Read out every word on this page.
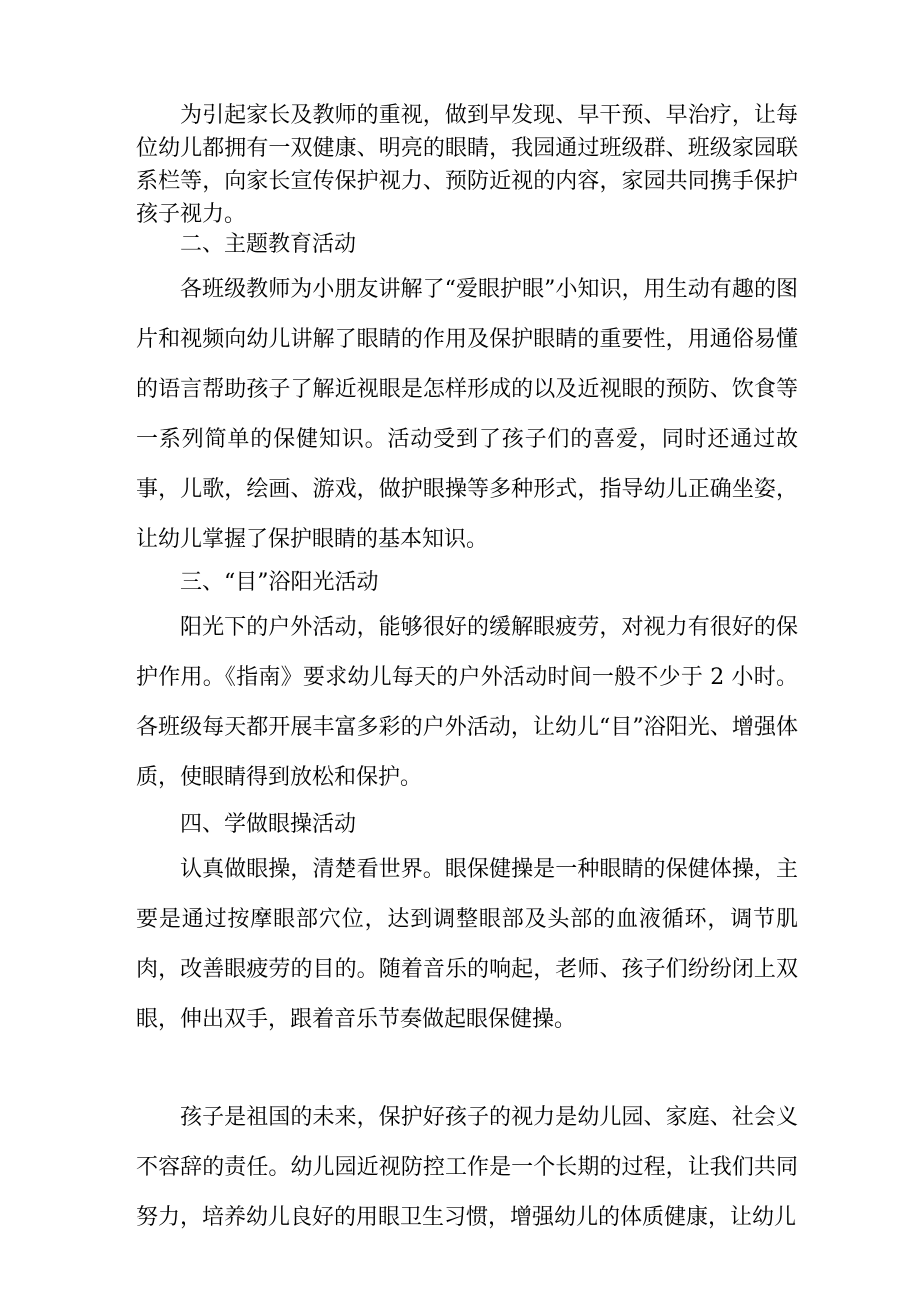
为引起家长及教师的重视，做到早发现、早干预、早治疗，让每位幼儿都拥有一双健康、明亮的眼睛，我园通过班级群、班级家园联系栏等，向家长宣传保护视力、预防近视的内容，家园共同携手保护孩子视力。

二、主题教育活动

各班级教师为小朋友讲解了“爱眼护眼”小知识，用生动有趣的图片和视频向幼儿讲解了眼睛的作用及保护眼睛的重要性，用通俗易懂的语言帮助孩子了解近视眼是怎样形成的以及近视眼的预防、饮食等一系列简单的保健知识。活动受到了孩子们的喜爱，同时还通过故事，儿歌，绘画、游戏，做护眼操等多种形式，指导幼儿正确坐姿，让幼儿掌握了保护眼睛的基本知识。

三、“目”浴阳光活动

阳光下的户外活动，能够很好的缓解眼疲劳，对视力有很好的保护作用。《指南》要求幼儿每天的户外活动时间一般不少于 2 小时。各班级每天都开展丰富多彩的户外活动，让幼儿“目”浴阳光、增强体质，使眼睛得到放松和保护。

四、学做眼操活动

认真做眼操，清楚看世界。眼保健操是一种眼睛的保健体操，主要是通过按摩眼部穴位，达到调整眼部及头部的血液循环，调节肌肉，改善眼疲劳的目的。随着音乐的响起，老师、孩子们纷纷闭上双眼，伸出双手，跟着音乐节奏做起眼保健操。

孩子是祖国的未来，保护好孩子的视力是幼儿园、家庭、社会义不容辞的责任。幼儿园近视防控工作是一个长期的过程，让我们共同努力，培养幼儿良好的用眼卫生习惯，增强幼儿的体质健康，让幼儿
